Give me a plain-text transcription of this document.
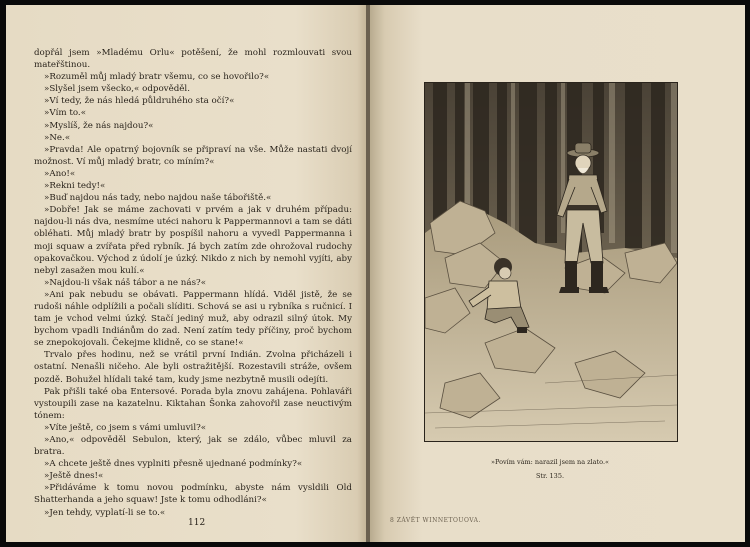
dopřál jsem »Mladému Orlu« potěšení, že mohl rozmlouvati svou mateřštinou.

»Rozuměl můj mladý bratr všemu, co se hovořilo?«

»Slyšel jsem všecko,« odpověděl.

»Ví tedy, že nás hledá půldruhého sta očí?«

»Vím to.«

»Myslíš, že nás najdou?«

»Ne.«

»Pravda! Ale opatrný bojovník se připraví na vše. Může nastati dvojí možnost. Ví můj mladý bratr, co míním?«

»Ano!«

»Rekni tedy!«

»Buď najdou nás tady, nebo najdou naše tábořiště.«

»Dobře! Jak se máme zachovati v prvém a jak v druhém případu: najdou-li nás dva, nesmíme utéci nahoru k Pappermannovi a tam se dáti obléhati. Můj mladý bratr by pospíšil nahoru a vyvedl Pappermanna i moji squaw a zvířata před rybník. Já bych zatím zde ohrožoval rudochy opakovačkou. Východ z údolí je úzký. Nikdo z nich by nemohl vyjíti, aby nebyl zasažen mou kulí.«

»Najdou-li však náš tábor a ne nás?«

»Ani pak nebudu se obávati. Pappermann hlídá. Viděl jistě, že se rudoši náhle odplížili a počali slíditi. Schová se asi u rybníka s ručnicí. I tam je vchod velmi úzký. Stačí jediný muž, aby odrazil silný útok. My bychom vpadli Indiánům do zad. Není zatím tedy příčiny, proč bychom se znepokojovali. Čekejme klidně, co se stane!«

Trvalo přes hodinu, než se vrátil první Indián. Zvolna přicházeli i ostatní. Nenašli ničeho. Ale byli ostražitější. Rozestavili stráže, ovšem pozdě. Bohužel hlídali také tam, kudy jsme nezbytně musili odejíti.

Pak přišli také oba Entersové. Porada byla znovu zahájena. Pohlaváři vystoupili zase na kazatelnu. Kiktahan Šonka zahovořil zase neuctivým tónem:

»Víte ještě, co jsem s vámi umluvil?«

»Ano,« odpověděl Sebulon, který, jak se zdálo, vůbec mluvil za bratra.

»A chcete ještě dnes vyplniti přesně ujednané podmínky?«

»Ještě dnes!«

»Přidáváme k tomu novou podmínku, abyste nám vysldili Old Shatterhanda a jeho squaw! Jste k tomu odhodláni?«

»Jen tehdy, vyplatí-li se to.«

112
»Povím vám: narazil jsem na zlato.«
Str. 135.
8 ZÁVĚT WINNETOUOVA.
